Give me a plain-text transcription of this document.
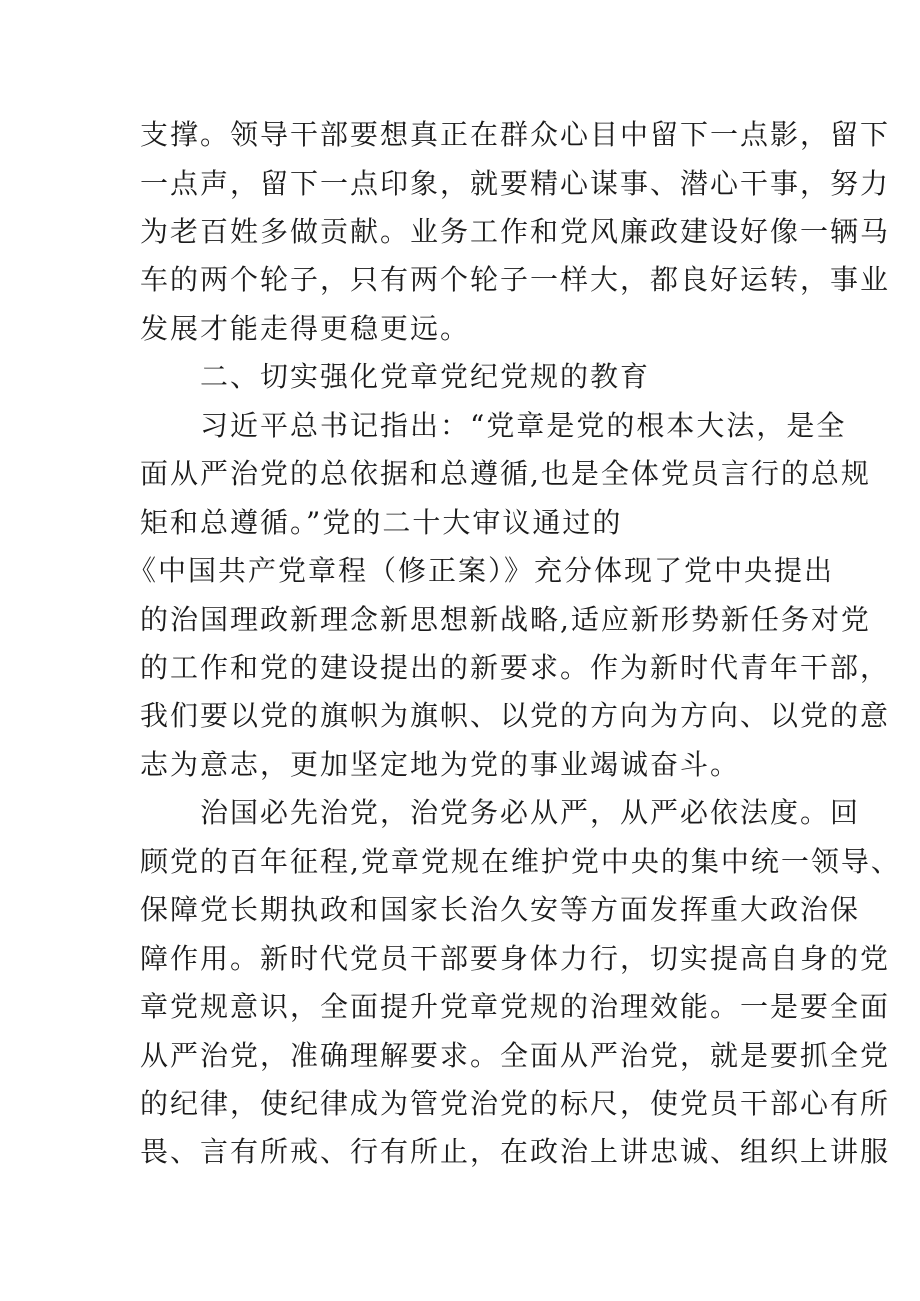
支撑。领导干部要想真正在群众心目中留下一点影，留下
一点声，留下一点印象，就要精心谋事、潜心干事，努力
为老百姓多做贡献。业务工作和党风廉政建设好像一辆马
车的两个轮子，只有两个轮子一样大，都良好运转，事业
发展才能走得更稳更远。
二、切实强化党章党纪党规的教育
习近平总书记指出：“党章是党的根本大法，是全
面从严治党的总依据和总遵循,也是全体党员言行的总规
矩和总遵循。”党的二十大审议通过的
《中国共产党章程（修正案）》充分体现了党中央提出
的治国理政新理念新思想新战略,适应新形势新任务对党
的工作和党的建设提出的新要求。作为新时代青年干部，
我们要以党的旗帜为旗帜、以党的方向为方向、以党的意
志为意志，更加坚定地为党的事业竭诚奋斗。
治国必先治党，治党务必从严，从严必依法度。回
顾党的百年征程,党章党规在维护党中央的集中统一领导、
保障党长期执政和国家长治久安等方面发挥重大政治保
障作用。新时代党员干部要身体力行，切实提高自身的党
章党规意识，全面提升党章党规的治理效能。一是要全面
从严治党，准确理解要求。全面从严治党，就是要抓全党
的纪律，使纪律成为管党治党的标尺，使党员干部心有所
畏、言有所戒、行有所止，在政治上讲忠诚、组织上讲服
